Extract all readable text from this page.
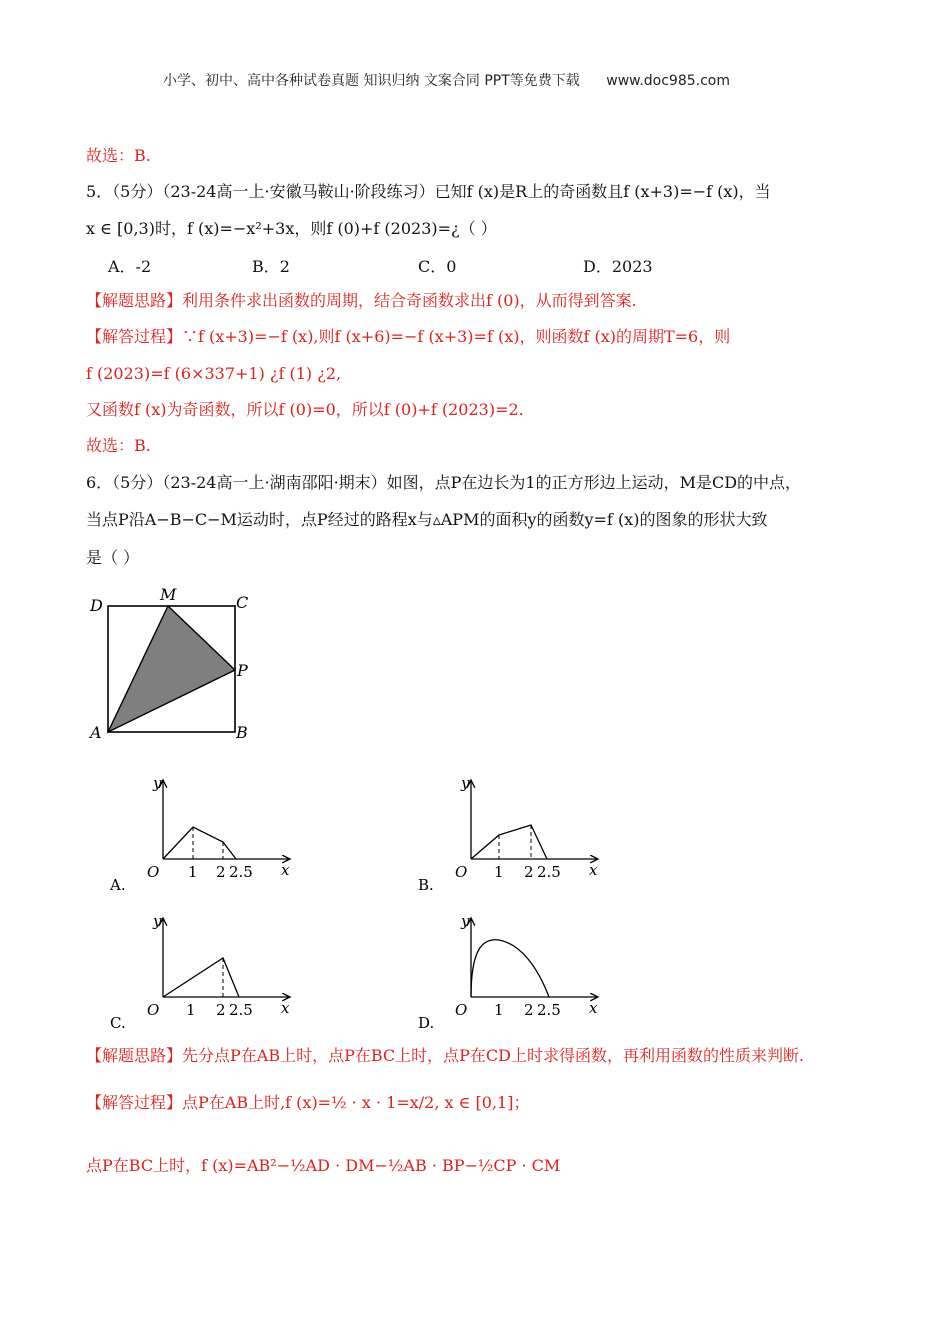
小学、初中、高中各种试卷真题 知识归纳 文案合同 PPT等免费下载 www.doc985.com
故选：B.
5．（5分）（23-24高一上·安徽马鞍山·阶段练习）已知f (x)是R上的奇函数且f (x+3)=−f (x)，当
x ∈ [0,3)时，f (x)=−x²+3x，则f (0)+f (2023)=¿（ ）
A．-2	B．2	C．0	D．2023
【解题思路】利用条件求出函数的周期，结合奇函数求出f (0)，从而得到答案.
【解答过程】∵f (x+3)=−f (x),则f (x+6)=−f (x+3)=f (x)，则函数f (x)的周期T=6，则
f (2023)=f (6×337+1) ¿f (1) ¿2,
又函数f (x)为奇函数，所以f (0)=0，所以f (0)+f (2023)=2.
故选：B.
6．（5分）（23-24高一上·湖南邵阳·期末）如图，点P在边长为1的正方形边上运动，M是CD的中点，
当点P沿A−B−C−M运动时，点P经过的路程x与▵APM的面积y的函数y=f (x)的图象的形状大致
是（ ）
D
M	C
P
A	B
y
O 1 2 2.5 x
A.
y
O 1 2 2.5 x
B.
y
O 1 2 2.5 x
C.
y
O 1 2 2.5 x
D.
【解题思路】先分点P在AB上时，点P在BC上时，点P在CD上时求得函数，再利用函数的性质来判断.
【解答过程】点P在AB上时,f (x)=½ · x · 1=x/2, x ∈ [0,1]；
点P在BC上时，f (x)=AB²−½AD · DM−½AB · BP−½CP · CM
